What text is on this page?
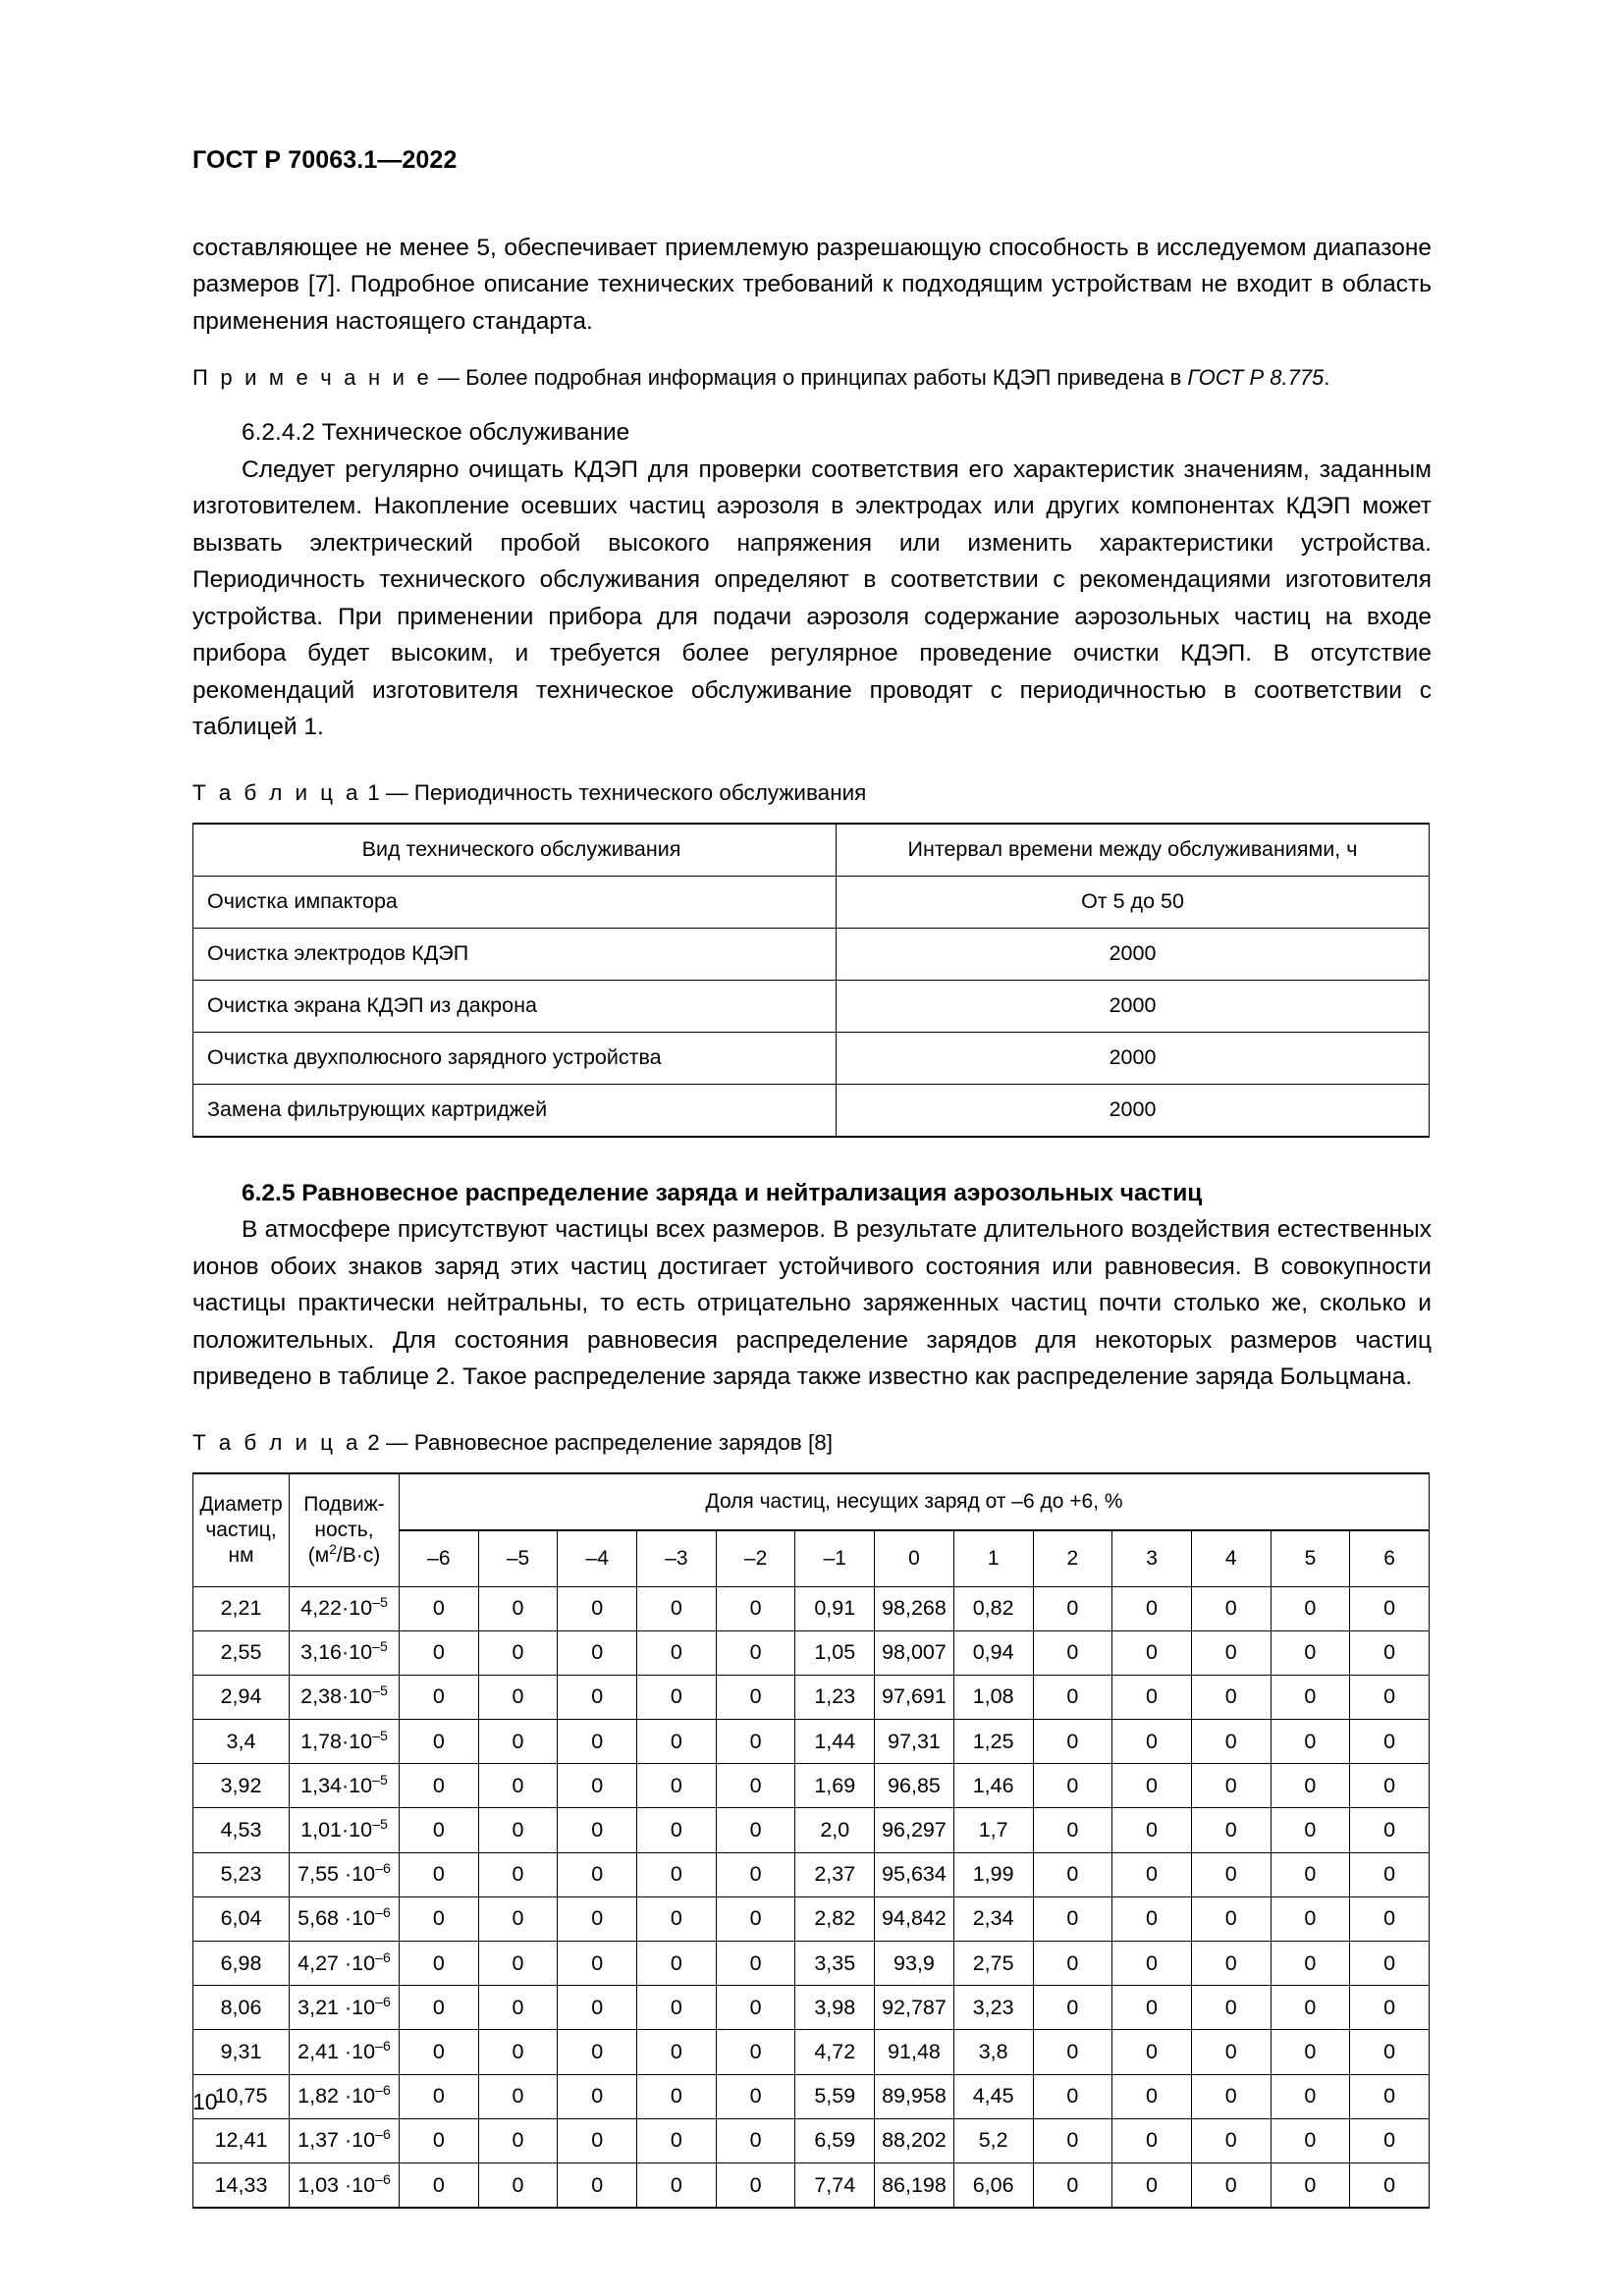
ГОСТ Р 70063.1—2022

составляющее не менее 5, обеспечивает приемлемую разрешающую способность в исследуемом диапазоне размеров [7]. Подробное описание технических требований к подходящим устройствам не входит в область применения настоящего стандарта.

П р и м е ч а н и е — Более подробная информация о принципах работы КДЭП приведена в ГОСТ Р 8.775.

6.2.4.2 Техническое обслуживание

Следует регулярно очищать КДЭП для проверки соответствия его характеристик значениям, заданным изготовителем. Накопление осевших частиц аэрозоля в электродах или других компонентах КДЭП может вызвать электрический пробой высокого напряжения или изменить характеристики устройства. Периодичность технического обслуживания определяют в соответствии с рекомендациями изготовителя устройства. При применении прибора для подачи аэрозоля содержание аэрозольных частиц на входе прибора будет высоким, и требуется более регулярное проведение очистки КДЭП. В отсутствие рекомендаций изготовителя техническое обслуживание проводят с периодичностью в соответствии с таблицей 1.

Т а б л и ц а 1 — Периодичность технического обслуживания
Вид технического обслуживания	Интервал времени между обслуживаниями, ч
Очистка импактора	От 5 до 50
Очистка электродов КДЭП	2000
Очистка экрана КДЭП из дакрона	2000
Очистка двухполюсного зарядного устройства	2000
Замена фильтрующих картриджей	2000

6.2.5 Равновесное распределение заряда и нейтрализация аэрозольных частиц

В атмосфере присутствуют частицы всех размеров. В результате длительного воздействия естественных ионов обоих знаков заряд этих частиц достигает устойчивого состояния или равновесия. В совокупности частицы практически нейтральны, то есть отрицательно заряженных частиц почти столько же, сколько и положительных. Для состояния равновесия распределение зарядов для некоторых размеров частиц приведено в таблице 2. Такое распределение заряда также известно как распределение заряда Больцмана.

Т а б л и ц а 2 — Равновесное распределение зарядов [8]
Диаметр
частиц,
нм

Подвиж-
ность,
$(м^2/В\cdot с)$
	Доля частиц, несущих заряд от –6 до +6, %
		–6	–5	–4	–3	–2	–1	0	1	2	3	4	5	6
2,21	$4,22\cdot 10^{-5}$	0	0	0	0	0	0,91	98,268	0,82	0	0	0	0	0
2,55	$3,16\cdot 10^{-5}$	0	0	0	0	0	1,05	98,007	0,94	0	0	0	0	0
2,94	$2,38\cdot 10^{-5}$	0	0	0	0	0	1,23	97,691	1,08	0	0	0	0	0
3,4	$1,78\cdot 10^{-5}$	0	0	0	0	0	1,44	97,31	1,25	0	0	0	0	0
3,92	$1,34\cdot 10^{-5}$	0	0	0	0	0	1,69	96,85	1,46	0	0	0	0	0
4,53	$1,01\cdot 10^{-5}$	0	0	0	0	0	2,0	96,297	1,7	0	0	0	0	0
5,23	$7,55 \cdot 10^{-6}$	0	0	0	0	0	2,37	95,634	1,99	0	0	0	0	0
6,04	$5,68 \cdot 10^{-6}$	0	0	0	0	0	2,82	94,842	2,34	0	0	0	0	0
6,98	$4,27 \cdot 10^{-6}$	0	0	0	0	0	3,35	93,9	2,75	0	0	0	0	0
8,06	$3,21 \cdot 10^{-6}$	0	0	0	0	0	3,98	92,787	3,23	0	0	0	0	0
9,31	$2,41 \cdot 10^{-6}$	0	0	0	0	0	4,72	91,48	3,8	0	0	0	0	0
10,75	$1,82 \cdot 10^{-6}$	0	0	0	0	0	5,59	89,958	4,45	0	0	0	0	0
12,41	$1,37 \cdot 10^{-6}$	0	0	0	0	0	6,59	88,202	5,2	0	0	0	0	0
14,33	$1,03 \cdot 10^{-6}$	0	0	0	0	0	7,74	86,198	6,06	0	0	0	0	0
10
